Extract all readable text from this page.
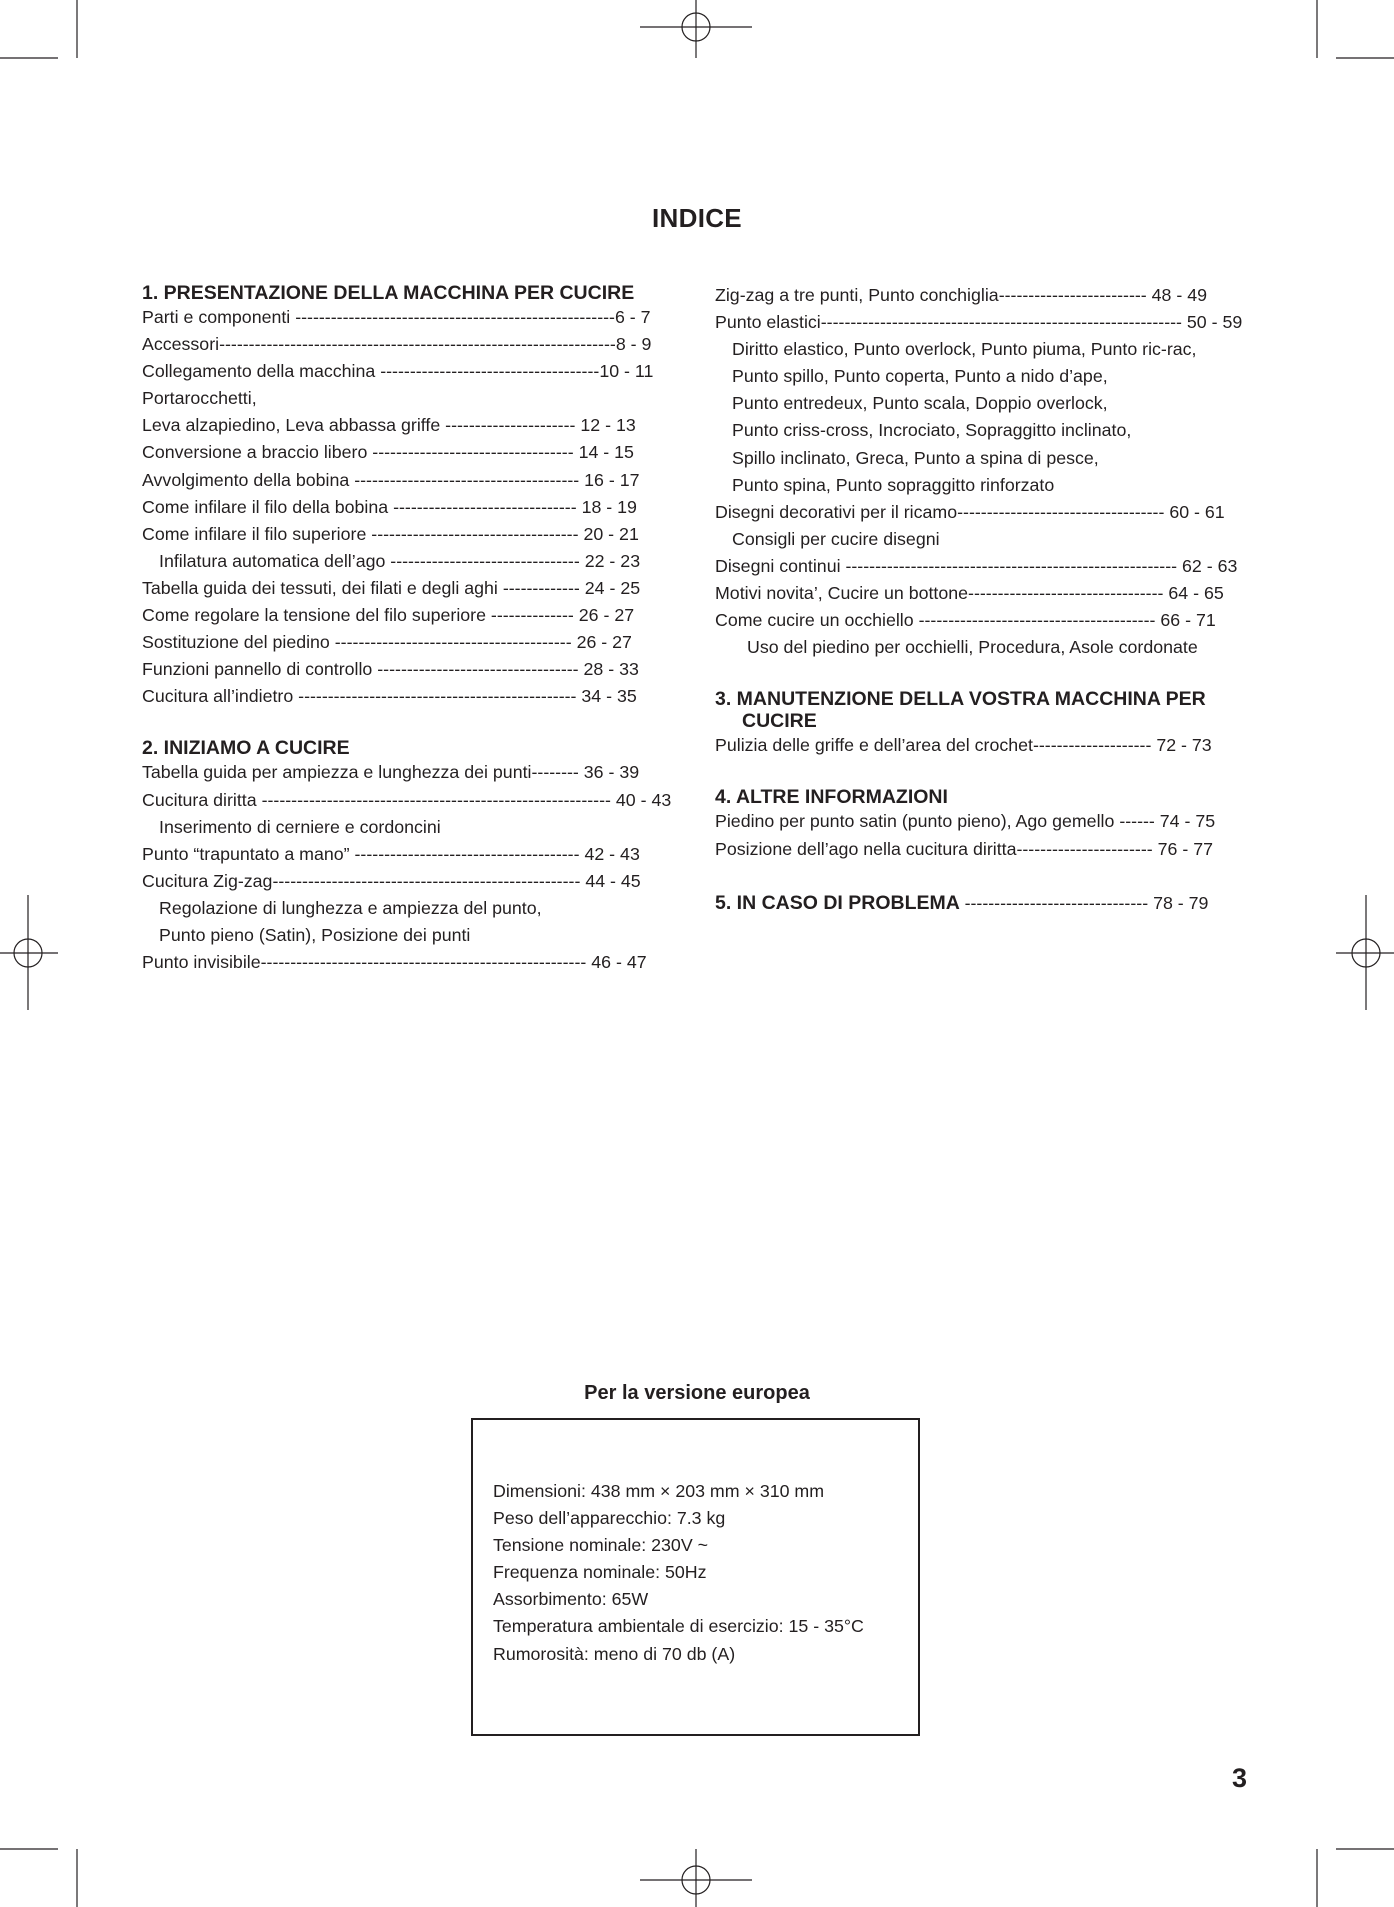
INDICE
1. PRESENTAZIONE DELLA MACCHINA PER CUCIRE
Parti e componenti ------------------------------------------------------6 - 7
Accessori-------------------------------------------------------------------8 - 9
Collegamento della macchina -------------------------------------10 - 11
Portarocchetti,
Leva alzapiedino, Leva abbassa griffe ---------------------- 12 - 13
Conversione a braccio libero ---------------------------------- 14 - 15
Avvolgimento della bobina -------------------------------------- 16 - 17
Come infilare il filo della bobina ------------------------------- 18 - 19
Come infilare il filo superiore ----------------------------------- 20 - 21
Infilatura automatica dell’ago -------------------------------- 22 - 23
Tabella guida dei tessuti, dei filati e degli aghi ------------- 24 - 25
Come regolare la tensione del filo superiore -------------- 26 - 27
Sostituzione del piedino ---------------------------------------- 26 - 27
Funzioni pannello di controllo ---------------------------------- 28 - 33
Cucitura all’indietro ----------------------------------------------- 34 - 35
2. INIZIAMO A CUCIRE
Tabella guida per ampiezza e lunghezza dei punti-------- 36 - 39
Cucitura diritta ----------------------------------------------------------- 40 - 43
Inserimento di cerniere e cordoncini
Punto “trapuntato a mano” -------------------------------------- 42 - 43
Cucitura Zig-zag---------------------------------------------------- 44 - 45
Regolazione di lunghezza e ampiezza del punto,
Punto pieno (Satin), Posizione dei punti
Punto invisibile------------------------------------------------------- 46 - 47
Zig-zag a tre punti, Punto conchiglia------------------------- 48 - 49
Punto elastici------------------------------------------------------------- 50 - 59
Diritto elastico, Punto overlock, Punto piuma, Punto ric-rac,
Punto spillo, Punto coperta, Punto a nido d’ape,
Punto entredeux, Punto scala, Doppio overlock,
Punto criss-cross, Incrociato, Sopraggitto inclinato,
Spillo inclinato, Greca, Punto a spina di pesce,
Punto spina, Punto sopraggitto rinforzato
Disegni decorativi per il ricamo----------------------------------- 60 - 61
Consigli per cucire disegni
Disegni continui -------------------------------------------------------- 62 - 63
Motivi novita’, Cucire un bottone--------------------------------- 64 - 65
Come cucire un occhiello ---------------------------------------- 66 - 71
Uso del piedino per occhielli, Procedura, Asole cordonate
3. MANUTENZIONE DELLA VOSTRA MACCHINA PER
CUCIRE
Pulizia delle griffe e dell’area del crochet-------------------- 72 - 73
4. ALTRE INFORMAZIONI
Piedino per punto satin (punto pieno), Ago gemello ------ 74 - 75
Posizione dell’ago nella cucitura diritta----------------------- 76 - 77
5. IN CASO DI PROBLEMA ------------------------------- 78 - 79
Per la versione europea
Dimensioni: 438 mm × 203 mm × 310 mm
Peso dell’apparecchio: 7.3 kg
Tensione nominale: 230V ~
Frequenza nominale: 50Hz
Assorbimento: 65W
Temperatura ambientale di esercizio: 15 - 35°C
Rumorosità: meno di 70 db (A)
3
